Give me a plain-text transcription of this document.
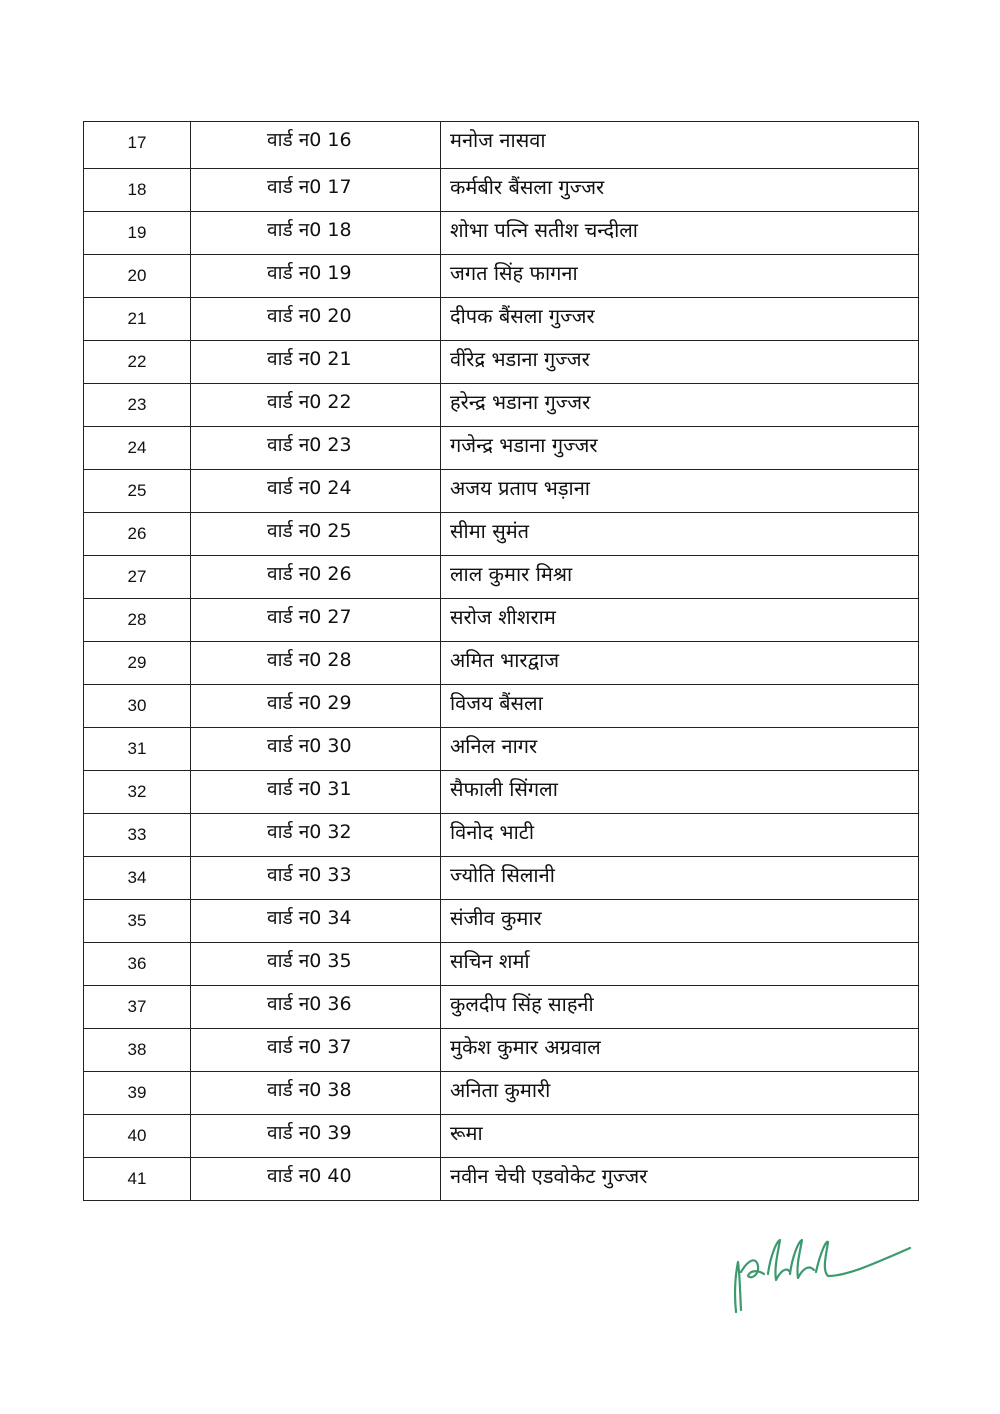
17	वार्ड न0 16	मनोज नासवा
18	वार्ड न0 17	कर्मबीर बैंसला गुज्जर
19	वार्ड न0 18	शोभा पत्नि सतीश चन्दीला
20	वार्ड न0 19	जगत सिंह फागना
21	वार्ड न0 20	दीपक बैंसला गुज्जर
22	वार्ड न0 21	वींरेद्र भडाना गुज्जर
23	वार्ड न0 22	हरेन्द्र भडाना गुज्जर
24	वार्ड न0 23	गजेन्द्र भडाना गुज्जर
25	वार्ड न0 24	अजय प्रताप भड़ाना
26	वार्ड न0 25	सीमा सुमंत
27	वार्ड न0 26	लाल कुमार मिश्रा
28	वार्ड न0 27	सरोज शीशराम
29	वार्ड न0 28	अमित भारद्वाज
30	वार्ड न0 29	विजय बैंसला
31	वार्ड न0 30	अनिल नागर
32	वार्ड न0 31	सैफाली सिंगला
33	वार्ड न0 32	विनोद भाटी
34	वार्ड न0 33	ज्योति सिलानी
35	वार्ड न0 34	संजीव कुमार
36	वार्ड न0 35	सचिन शर्मा
37	वार्ड न0 36	कुलदीप सिंह साहनी
38	वार्ड न0 37	मुकेश कुमार अग्रवाल
39	वार्ड न0 38	अनिता कुमारी
40	वार्ड न0 39	रूमा
41	वार्ड न0 40	नवीन चेची एडवोकेट गुज्जर
